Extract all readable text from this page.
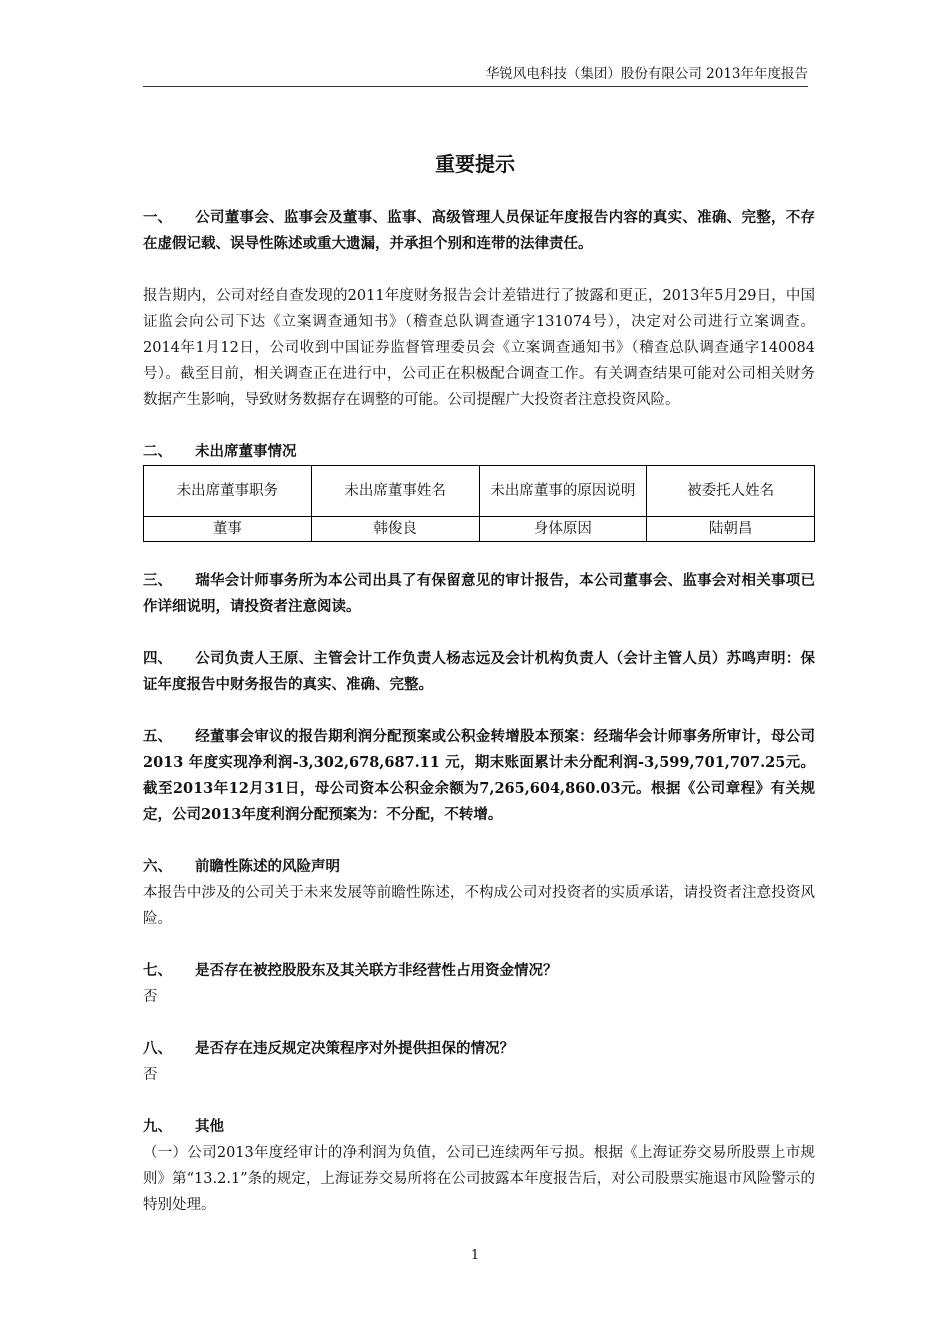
华锐风电科技（集团）股份有限公司 2013年年度报告
重要提示

一、 公司董事会、监事会及董事、监事、高级管理人员保证年度报告内容的真实、准确、完整，不存在虚假记载、误导性陈述或重大遗漏，并承担个别和连带的法律责任。

报告期内，公司对经自查发现的2011年度财务报告会计差错进行了披露和更正，2013年5月29日，中国证监会向公司下达《立案调查通知书》（稽查总队调查通字131074号），决定对公司进行立案调查。2014年1月12日，公司收到中国证券监督管理委员会《立案调查通知书》（稽查总队调查通字140084号）。截至目前，相关调查正在进行中，公司正在积极配合调查工作。有关调查结果可能对公司相关财务数据产生影响，导致财务数据存在调整的可能。公司提醒广大投资者注意投资风险。

二、 未出席董事情况

未出席董事职务	未出席董事姓名	未出席董事的原因说明	被委托人姓名
董事	韩俊良	身体原因	陆朝昌

三、 瑞华会计师事务所为本公司出具了有保留意见的审计报告，本公司董事会、监事会对相关事项已作详细说明，请投资者注意阅读。

四、 公司负责人王原、主管会计工作负责人杨志远及会计机构负责人（会计主管人员）苏鸣声明：保证年度报告中财务报告的真实、准确、完整。

五、 经董事会审议的报告期利润分配预案或公积金转增股本预案：经瑞华会计师事务所审计，母公司 2013 年度实现净利润-3,302,678,687.11 元，期末账面累计未分配利润-3,599,701,707.25元。截至2013年12月31日，母公司资本公积金余额为7,265,604,860.03元。根据《公司章程》有关规定，公司2013年度利润分配预案为：不分配，不转增。

六、 前瞻性陈述的风险声明

本报告中涉及的公司关于未来发展等前瞻性陈述，不构成公司对投资者的实质承诺，请投资者注意投资风险。

七、 是否存在被控股股东及其关联方非经营性占用资金情况？

否

八、 是否存在违反规定决策程序对外提供担保的情况？

否

九、 其他

（一）公司2013年度经审计的净利润为负值，公司已连续两年亏损。根据《上海证券交易所股票上市规则》第“13.2.1”条的规定，上海证券交易所将在公司披露本年度报告后，对公司股票实施退市风险警示的特别处理。

1
